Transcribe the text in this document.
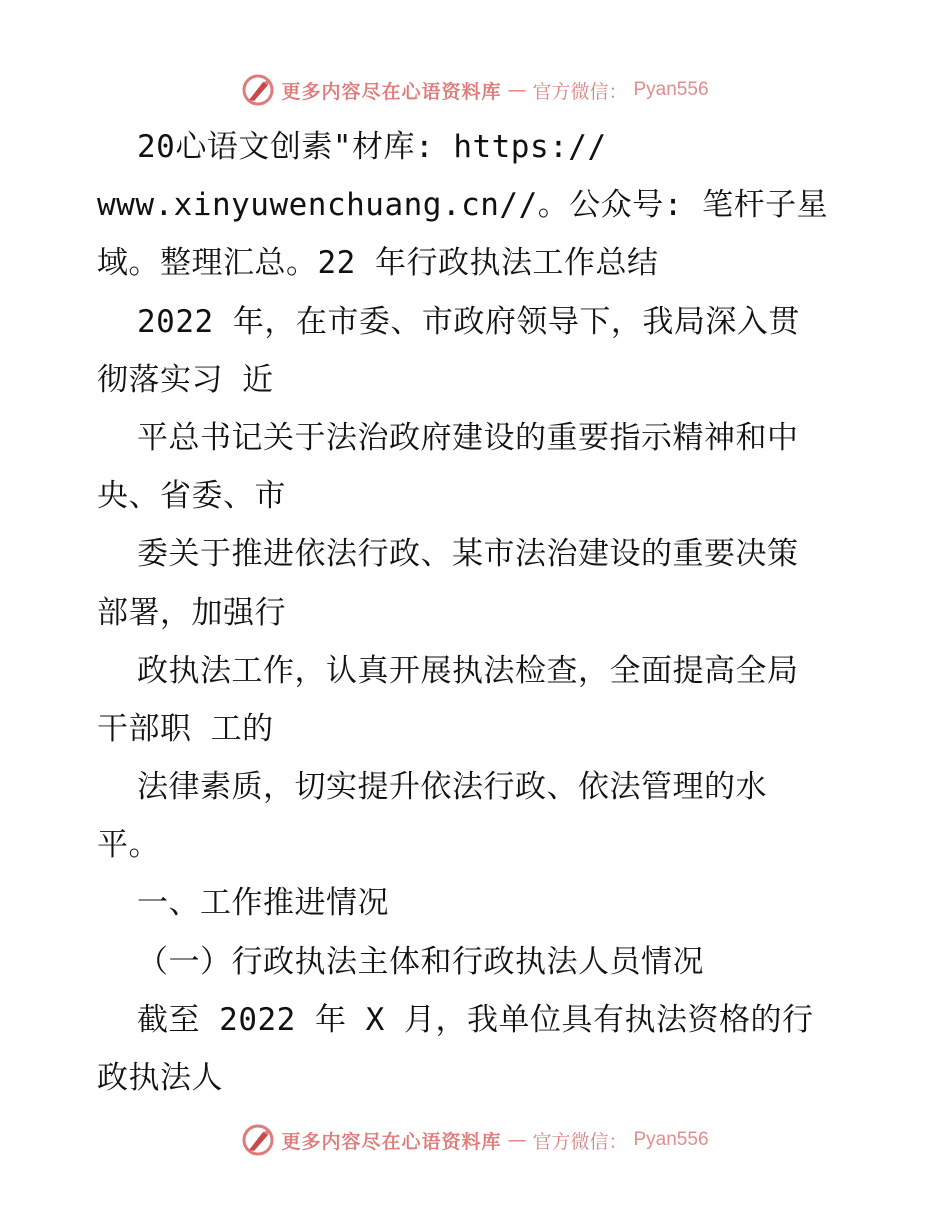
更多内容尽在心语资料库 — 官方微信： Pyan556
20心语文创素"材库: https://
www.xinyuwenchuang.cn//。公众号: 笔杆子星
域。整理汇总。22 年行政执法工作总结
2022 年，在市委、市政府领导下，我局深入贯
彻落实习 近
平总书记关于法治政府建设的重要指示精神和中
央、省委、市
委关于推进依法行政、某市法治建设的重要决策
部署，加强行
政执法工作，认真开展执法检查，全面提高全局
干部职 工的
法律素质，切实提升依法行政、依法管理的水
平。
一、工作推进情况
（一）行政执法主体和行政执法人员情况
截至 2022 年 X 月，我单位具有执法资格的行
政执法人
更多内容尽在心语资料库 — 官方微信： Pyan556
